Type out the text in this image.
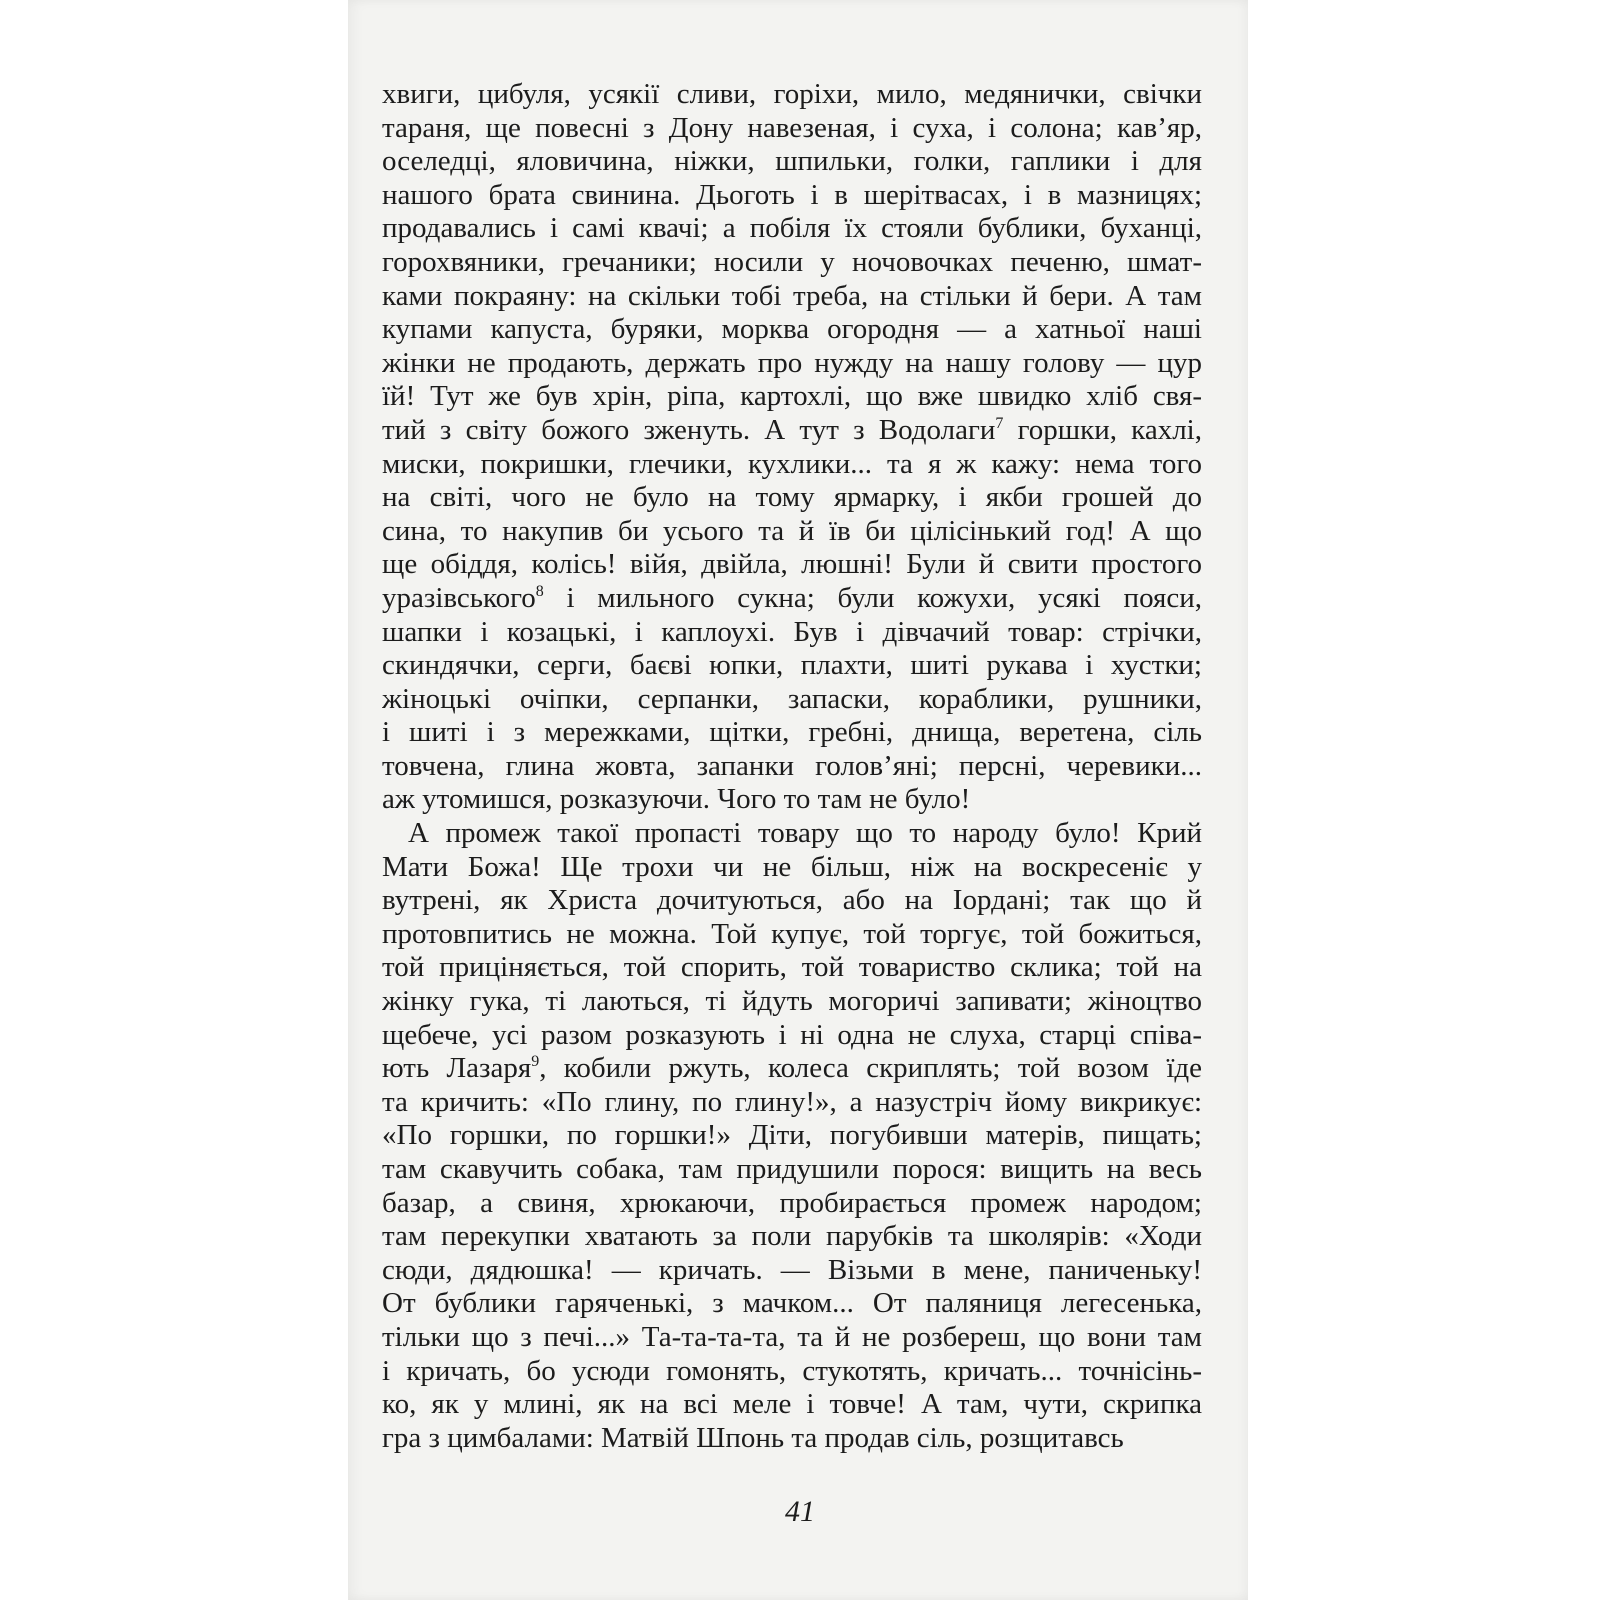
хвиги, цибуля, усякії сливи, горіхи, мило, медянички, свічки
тараня, ще повесні з Дону навезеная, і суха, і солона; кав’яр,
оселедці, яловичина, ніжки, шпильки, голки, гаплики і для
нашого брата свинина. Дьоготь і в шерітвасах, і в мазницях;
продавались і самі квачі; а побіля їх стояли бублики, буханці,
горохвяники, гречаники; носили у ночовочках печеню, шмат-
ками покраяну: на скільки тобі треба, на стільки й бери. А там
купами капуста, буряки, морква огородня — а хатньої наші
жінки не продають, держать про нужду на нашу голову — цур
їй! Тут же був хрін, ріпа, картохлі, що вже швидко хліб свя-
тий з світу божого зженуть. А тут з Водолаги$^7$ горшки, кахлі,
миски, покришки, глечики, кухлики... та я ж кажу: нема того
на світі, чого не було на тому ярмарку, і якби грошей до
сина, то накупив би усього та й їв би цілісінький год! А що
ще обіддя, колісь! війя, двійла, люшні! Були й свити простого
уразівського$^8$ і мильного сукна; були кожухи, усякі пояси,
шапки і козацькі, і каплоухі. Був і дівчачий товар: стрічки,
скиндячки, серги, баєві юпки, плахти, шиті рукава і хустки;
жіноцькі очіпки, серпанки, запаски, кораблики, рушники,
і шиті і з мережками, щітки, гребні, днища, веретена, сіль
товчена, глина жовта, запанки голов’яні; персні, черевики...
аж утомишся, розказуючи. Чого то там не було!
А промеж такої пропасті товару що то народу було! Крий
Мати Божа! Ще трохи чи не більш, ніж на воскресеніє у
вутрені, як Христа дочитуються, або на Іордані; так що й
протовпитись не можна. Той купує, той торгує, той божиться,
той приціняється, той спорить, той товариство склика; той на
жінку гука, ті лаються, ті йдуть могоричі запивати; жіноцтво
щебече, усі разом розказують і ні одна не слуха, старці співа-
ють Лазаря$^9$, кобили ржуть, колеса скриплять; той возом їде
та кричить: «По глину, по глину!», а назустріч йому викрикує:
«По горшки, по горшки!» Діти, погубивши матерів, пищать;
там скавучить собака, там придушили порося: вищить на весь
базар, а свиня, хрюкаючи, пробирається промеж народом;
там перекупки хватають за поли парубків та школярів: «Ходи
сюди, дядюшка! — кричать. — Візьми в мене, паниченьку!
От бублики гаряченькі, з мачком... От паляниця легесенька,
тільки що з печі...» Та-та-та-та, та й не розбереш, що вони там
і кричать, бо усюди гомонять, стукотять, кричать... точнісінь-
ко, як у млині, як на всі меле і товче! А там, чути, скрипка
гра з цимбалами: Матвій Шпонь та продав сіль, розщитавсь
41
